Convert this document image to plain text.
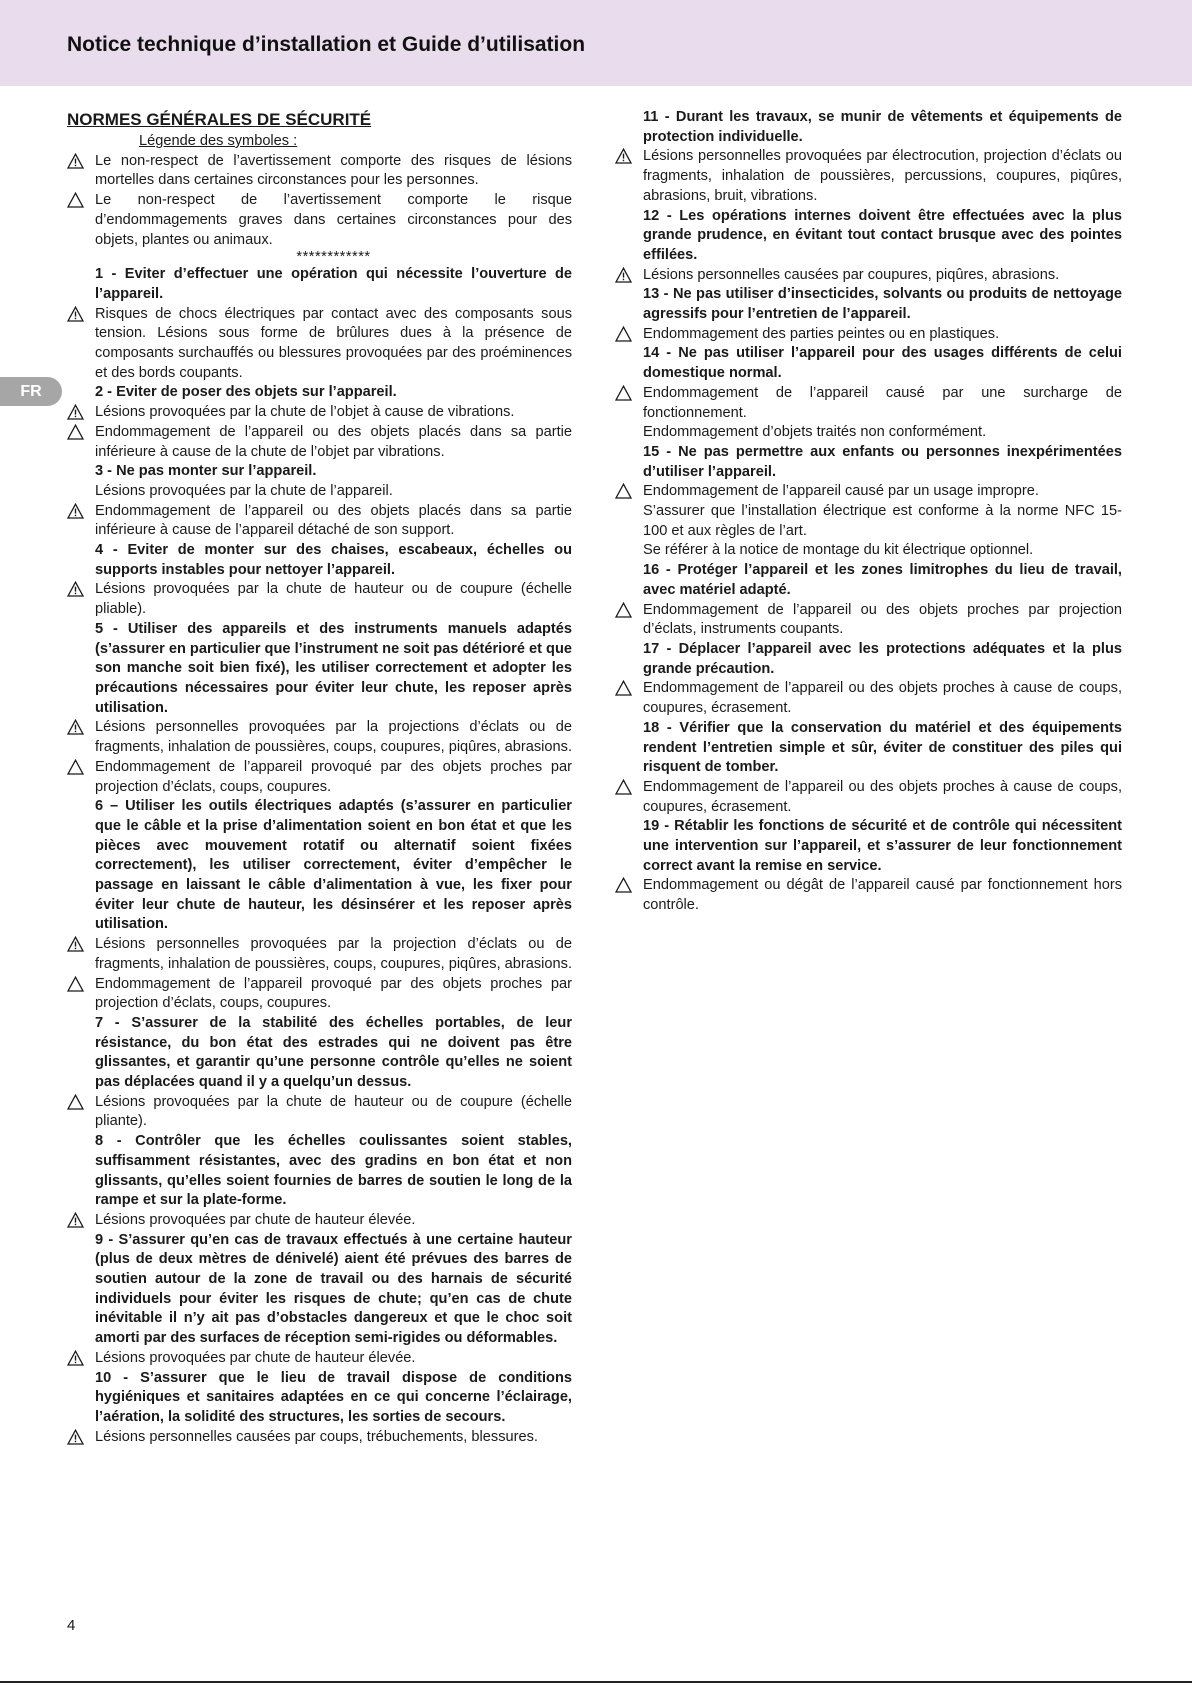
Notice technique d’installation et Guide d’utilisation
FR
NORMES GÉNÉRALES DE SÉCURITÉ
Légende des symboles :
Le non-respect de l’avertissement comporte des risques de lésions mortelles dans certaines circonstances pour les personnes.
Le non-respect de l’avertissement comporte le risque d’endommagements graves dans certaines circonstances pour des objets, plantes ou animaux.
************
1 - Eviter d’effectuer une opération qui nécessite l’ouverture de l’appareil.
Risques de chocs électriques par contact avec des composants sous tension. Lésions sous forme de brûlures dues à la présence de composants surchauffés ou blessures provoquées par des proéminences et des bords coupants.
2 - Eviter de poser des objets sur l’appareil.
Lésions provoquées par la chute de l’objet à cause de vibrations.
Endommagement de l’appareil ou des objets placés dans sa partie inférieure à cause de la chute de l’objet par vibrations.
3 - Ne pas monter sur l’appareil.
Lésions provoquées par la chute de l’appareil.
Endommagement de l’appareil ou des objets placés dans sa partie inférieure à cause de l’appareil détaché de son support.
4 - Eviter de monter sur des chaises, escabeaux, échelles ou supports instables pour nettoyer l’appareil.
Lésions provoquées par la chute de hauteur ou de coupure (échelle pliable).
5 - Utiliser des appareils et des instruments manuels adaptés (s’assurer en particulier que l’instrument ne soit pas détérioré et que son manche soit bien fixé), les utiliser correctement et adopter les précautions nécessaires pour éviter leur chute, les reposer après utilisation.
Lésions personnelles provoquées par la projections d’éclats ou de fragments, inhalation de poussières, coups, coupures, piqûres, abrasions.
Endommagement de l’appareil provoqué par des objets proches par projection d’éclats, coups, coupures.
6 – Utiliser les outils électriques adaptés (s’assurer en particulier que le câble et la prise d’alimentation soient en bon état et que les pièces avec mouvement rotatif ou alternatif soient fixées correctement), les utiliser correctement, éviter d’empêcher le passage en laissant le câble d’alimentation à vue, les fixer pour éviter leur chute de hauteur, les désinsérer et les reposer après utilisation.
Lésions personnelles provoquées par la projection d’éclats ou de fragments, inhalation de poussières, coups, coupures, piqûres, abrasions.
Endommagement de l’appareil provoqué par des objets proches par projection d’éclats, coups, coupures.
7 - S’assurer de la stabilité des échelles portables, de leur résistance, du bon état des estrades qui ne doivent pas être glissantes, et garantir qu’une personne contrôle qu’elles ne soient pas déplacées quand il y a quelqu’un dessus.
Lésions provoquées par la chute de hauteur ou de coupure (échelle pliante).
8 - Contrôler que les échelles coulissantes soient stables, suffisamment résistantes, avec des gradins en bon état et non glissants, qu’elles soient fournies de barres de soutien le long de la rampe et sur la plate-forme.
Lésions provoquées par chute de hauteur élevée.
9 - S’assurer qu’en cas de travaux effectués à une certaine hauteur (plus de deux mètres de dénivelé) aient été prévues des barres de soutien autour de la zone de travail ou des harnais de sécurité individuels pour éviter les risques de chute; qu’en cas de chute inévitable il n’y ait pas d’obstacles dangereux et que le choc soit amorti par des surfaces de réception semi-rigides ou déformables.
Lésions provoquées par chute de hauteur élevée.
10 - S’assurer que le lieu de travail dispose de conditions hygiéniques et sanitaires adaptées en ce qui concerne l’éclairage, l’aération, la solidité des structures, les sorties de secours.
Lésions personnelles causées par coups, trébuchements, blessures.
11 - Durant les travaux, se munir de vêtements et équipements de protection individuelle.
Lésions personnelles provoquées par électrocution, projection d’éclats ou fragments, inhalation de poussières, percussions, coupures, piqûres, abrasions, bruit, vibrations.
12 - Les opérations internes doivent être effectuées avec la plus grande prudence, en évitant tout contact brusque avec des pointes effilées.
Lésions personnelles causées par coupures, piqûres, abrasions.
13 - Ne pas utiliser d’insecticides, solvants ou produits de nettoyage agressifs pour l’entretien de l’appareil.
Endommagement des parties peintes ou en plastiques.
14 - Ne pas utiliser l’appareil pour des usages différents de celui domestique normal.
Endommagement de l’appareil causé par une surcharge de fonctionnement.
Endommagement d’objets traités non conformément.
15 - Ne pas permettre aux enfants ou personnes inexpérimentées d’utiliser l’appareil.
Endommagement de l’appareil causé par un usage impropre.
S’assurer que l’installation électrique est conforme à la norme NFC 15-100 et aux règles de l’art.
Se référer à la notice de montage du kit électrique optionnel.
16 - Protéger l’appareil et les zones limitrophes du lieu de travail, avec matériel adapté.
Endommagement de l’appareil ou des objets proches par projection d’éclats, instruments coupants.
17 - Déplacer l’appareil avec les protections adéquates et la plus grande précaution.
Endommagement de l’appareil ou des objets proches à cause de coups, coupures, écrasement.
18 - Vérifier que la conservation du matériel et des équipements rendent l’entretien simple et sûr, éviter de constituer des piles qui risquent de tomber.
Endommagement de l’appareil ou des objets proches à cause de coups, coupures, écrasement.
19 - Rétablir les fonctions de sécurité et de contrôle qui nécessitent une intervention sur l’appareil, et s’assurer de leur fonctionnement correct avant la remise en service.
Endommagement ou dégât de l’appareil causé par fonctionnement hors contrôle.
4
